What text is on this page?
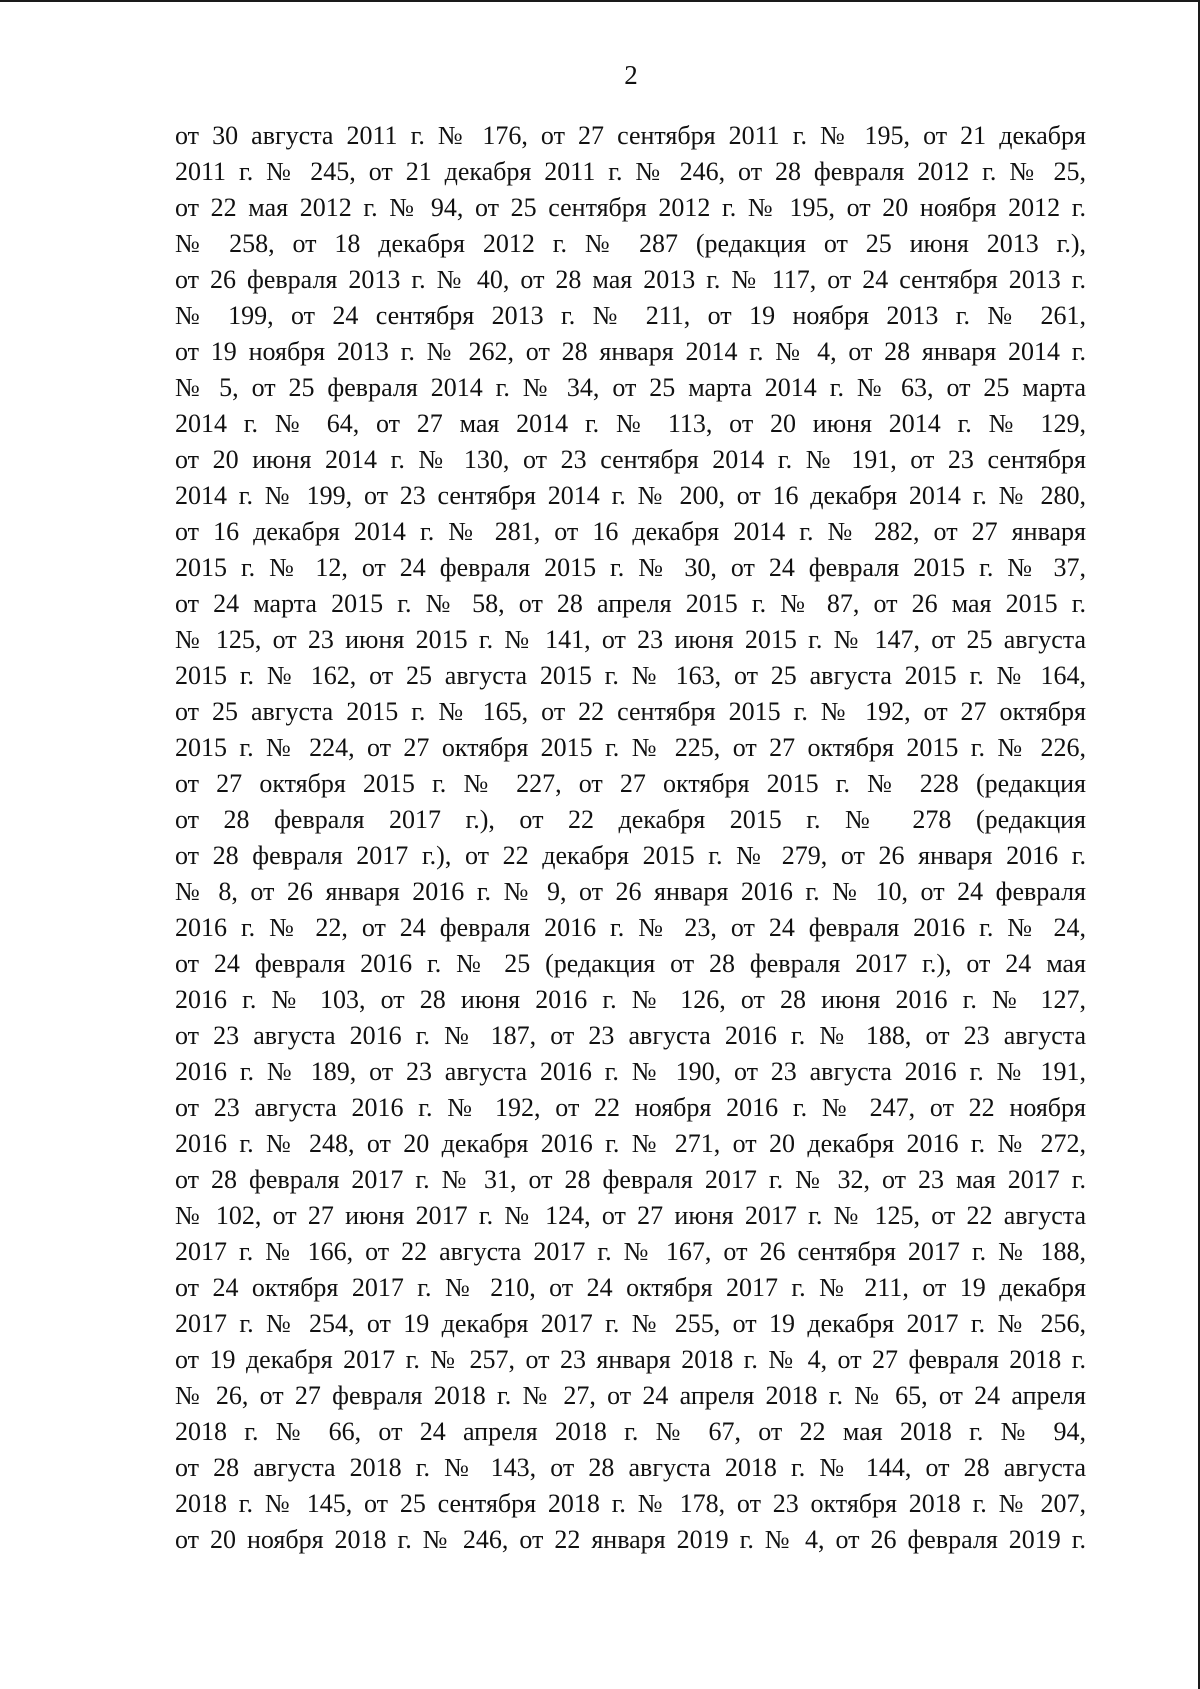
2
от 30 августа 2011 г. № 176, от 27 сентября 2011 г. № 195, от 21 декабря
2011 г. № 245, от 21 декабря 2011 г. № 246, от 28 февраля 2012 г. № 25,
от 22 мая 2012 г. № 94, от 25 сентября 2012 г. № 195, от 20 ноября 2012 г.
№ 258, от 18 декабря 2012 г. № 287 (редакция от 25 июня 2013 г.),
от 26 февраля 2013 г. № 40, от 28 мая 2013 г. № 117, от 24 сентября 2013 г.
№ 199, от 24 сентября 2013 г. № 211, от 19 ноября 2013 г. № 261,
от 19 ноября 2013 г. № 262, от 28 января 2014 г. № 4, от 28 января 2014 г.
№ 5, от 25 февраля 2014 г. № 34, от 25 марта 2014 г. № 63, от 25 марта
2014 г. № 64, от 27 мая 2014 г. № 113, от 20 июня 2014 г. № 129,
от 20 июня 2014 г. № 130, от 23 сентября 2014 г. № 191, от 23 сентября
2014 г. № 199, от 23 сентября 2014 г. № 200, от 16 декабря 2014 г. № 280,
от 16 декабря 2014 г. № 281, от 16 декабря 2014 г. № 282, от 27 января
2015 г. № 12, от 24 февраля 2015 г. № 30, от 24 февраля 2015 г. № 37,
от 24 марта 2015 г. № 58, от 28 апреля 2015 г. № 87, от 26 мая 2015 г.
№ 125, от 23 июня 2015 г. № 141, от 23 июня 2015 г. № 147, от 25 августа
2015 г. № 162, от 25 августа 2015 г. № 163, от 25 августа 2015 г. № 164,
от 25 августа 2015 г. № 165, от 22 сентября 2015 г. № 192, от 27 октября
2015 г. № 224, от 27 октября 2015 г. № 225, от 27 октября 2015 г. № 226,
от 27 октября 2015 г. № 227, от 27 октября 2015 г. № 228 (редакция
от 28 февраля 2017 г.), от 22 декабря 2015 г. № 278 (редакция
от 28 февраля 2017 г.), от 22 декабря 2015 г. № 279, от 26 января 2016 г.
№ 8, от 26 января 2016 г. № 9, от 26 января 2016 г. № 10, от 24 февраля
2016 г. № 22, от 24 февраля 2016 г. № 23, от 24 февраля 2016 г. № 24,
от 24 февраля 2016 г. № 25 (редакция от 28 февраля 2017 г.), от 24 мая
2016 г. № 103, от 28 июня 2016 г. № 126, от 28 июня 2016 г. № 127,
от 23 августа 2016 г. № 187, от 23 августа 2016 г. № 188, от 23 августа
2016 г. № 189, от 23 августа 2016 г. № 190, от 23 августа 2016 г. № 191,
от 23 августа 2016 г. № 192, от 22 ноября 2016 г. № 247, от 22 ноября
2016 г. № 248, от 20 декабря 2016 г. № 271, от 20 декабря 2016 г. № 272,
от 28 февраля 2017 г. № 31, от 28 февраля 2017 г. № 32, от 23 мая 2017 г.
№ 102, от 27 июня 2017 г. № 124, от 27 июня 2017 г. № 125, от 22 августа
2017 г. № 166, от 22 августа 2017 г. № 167, от 26 сентября 2017 г. № 188,
от 24 октября 2017 г. № 210, от 24 октября 2017 г. № 211, от 19 декабря
2017 г. № 254, от 19 декабря 2017 г. № 255, от 19 декабря 2017 г. № 256,
от 19 декабря 2017 г. № 257, от 23 января 2018 г. № 4, от 27 февраля 2018 г.
№ 26, от 27 февраля 2018 г. № 27, от 24 апреля 2018 г. № 65, от 24 апреля
2018 г. № 66, от 24 апреля 2018 г. № 67, от 22 мая 2018 г. № 94,
от 28 августа 2018 г. № 143, от 28 августа 2018 г. № 144, от 28 августа
2018 г. № 145, от 25 сентября 2018 г. № 178, от 23 октября 2018 г. № 207,
от 20 ноября 2018 г. № 246, от 22 января 2019 г. № 4, от 26 февраля 2019 г.
